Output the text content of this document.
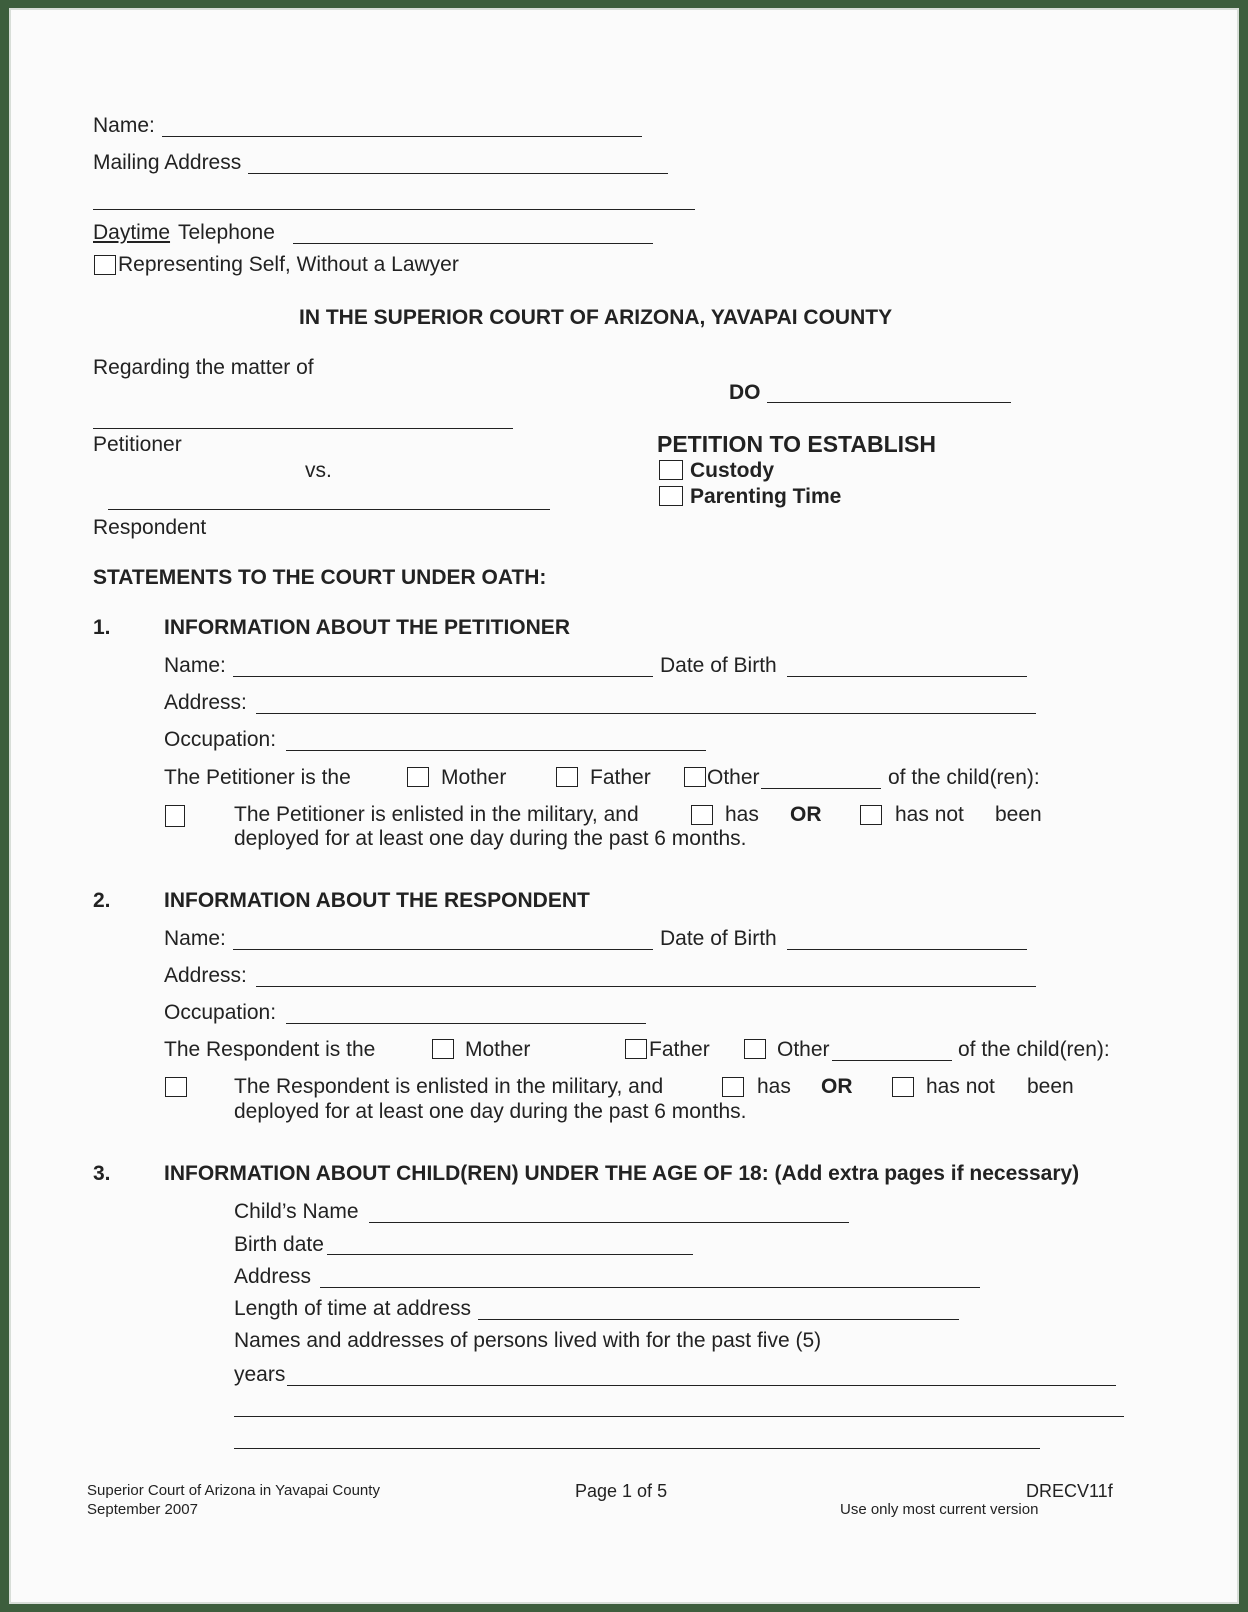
Name:
Mailing Address
Daytime Telephone
Representing Self, Without a Lawyer
IN THE SUPERIOR COURT OF ARIZONA, YAVAPAI COUNTY
Regarding the matter of
DO
Petitioner
vs.
Respondent
PETITION TO ESTABLISH
Custody
Parenting Time
STATEMENTS TO THE COURT UNDER OATH:
1.	INFORMATION ABOUT THE PETITIONER
Name:	Date of Birth
Address:
Occupation:
The Petitioner is the	Mother	Father	Other	of the child(ren):
The Petitioner is enlisted in the military, and	has OR	has not been
deployed for at least one day during the past 6 months.
2.	INFORMATION ABOUT THE RESPONDENT
Name:	Date of Birth
Address:
Occupation:
The Respondent is the	Mother	Father	Other	of the child(ren):
The Respondent is enlisted in the military, and	has OR	has not been
deployed for at least one day during the past 6 months.
3.	INFORMATION ABOUT CHILD(REN) UNDER THE AGE OF 18: (Add extra pages if necessary)
Child’s Name
Birth date
Address
Length of time at address
Names and addresses of persons lived with for the past five (5)
years
Superior Court of Arizona in Yavapai County
September 2007
Page 1 of 5	DRECV11f
Use only most current version
